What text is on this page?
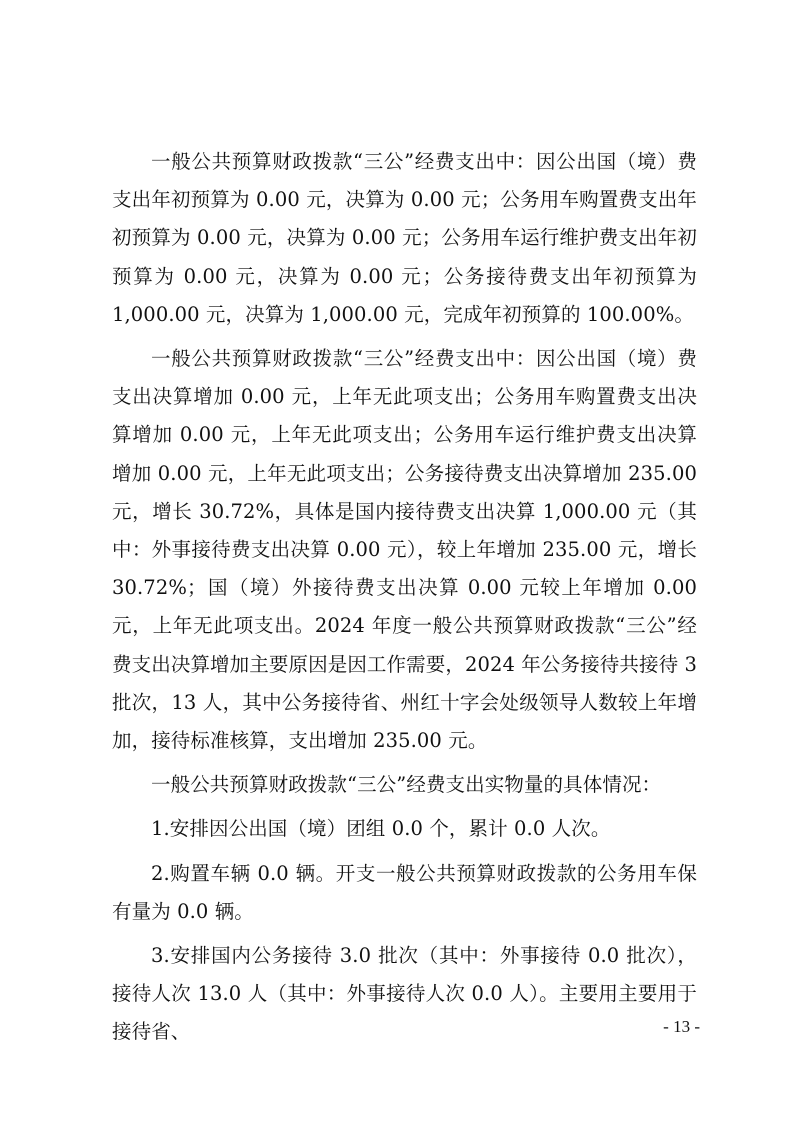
一般公共预算财政拨款“三公”经费支出中：因公出国（境）费支出年初预算为 0.00 元，决算为 0.00 元；公务用车购置费支出年初预算为 0.00 元，决算为 0.00 元；公务用车运行维护费支出年初预算为 0.00 元，决算为 0.00 元；公务接待费支出年初预算为 1,000.00 元，决算为 1,000.00 元，完成年初预算的 100.00%。

一般公共预算财政拨款“三公”经费支出中：因公出国（境）费支出决算增加 0.00 元，上年无此项支出；公务用车购置费支出决算增加 0.00 元，上年无此项支出；公务用车运行维护费支出决算增加 0.00 元，上年无此项支出；公务接待费支出决算增加 235.00 元，增长 30.72%，具体是国内接待费支出决算 1,000.00 元（其中：外事接待费支出决算 0.00 元），较上年增加 235.00 元，增长 30.72%；国（境）外接待费支出决算 0.00 元较上年增加 0.00 元，上年无此项支出。2024 年度一般公共预算财政拨款“三公”经费支出决算增加主要原因是因工作需要，2024 年公务接待共接待 3 批次，13 人，其中公务接待省、州红十字会处级领导人数较上年增加，接待标准核算，支出增加 235.00 元。

一般公共预算财政拨款“三公”经费支出实物量的具体情况：

1.安排因公出国（境）团组 0.0 个，累计 0.0 人次。

2.购置车辆 0.0 辆。开支一般公共预算财政拨款的公务用车保有量为 0.0 辆。

3.安排国内公务接待 3.0 批次（其中：外事接待 0.0 批次），接待人次 13.0 人（其中：外事接待人次 0.0 人）。主要用主要用于接待省、	- 13 -
